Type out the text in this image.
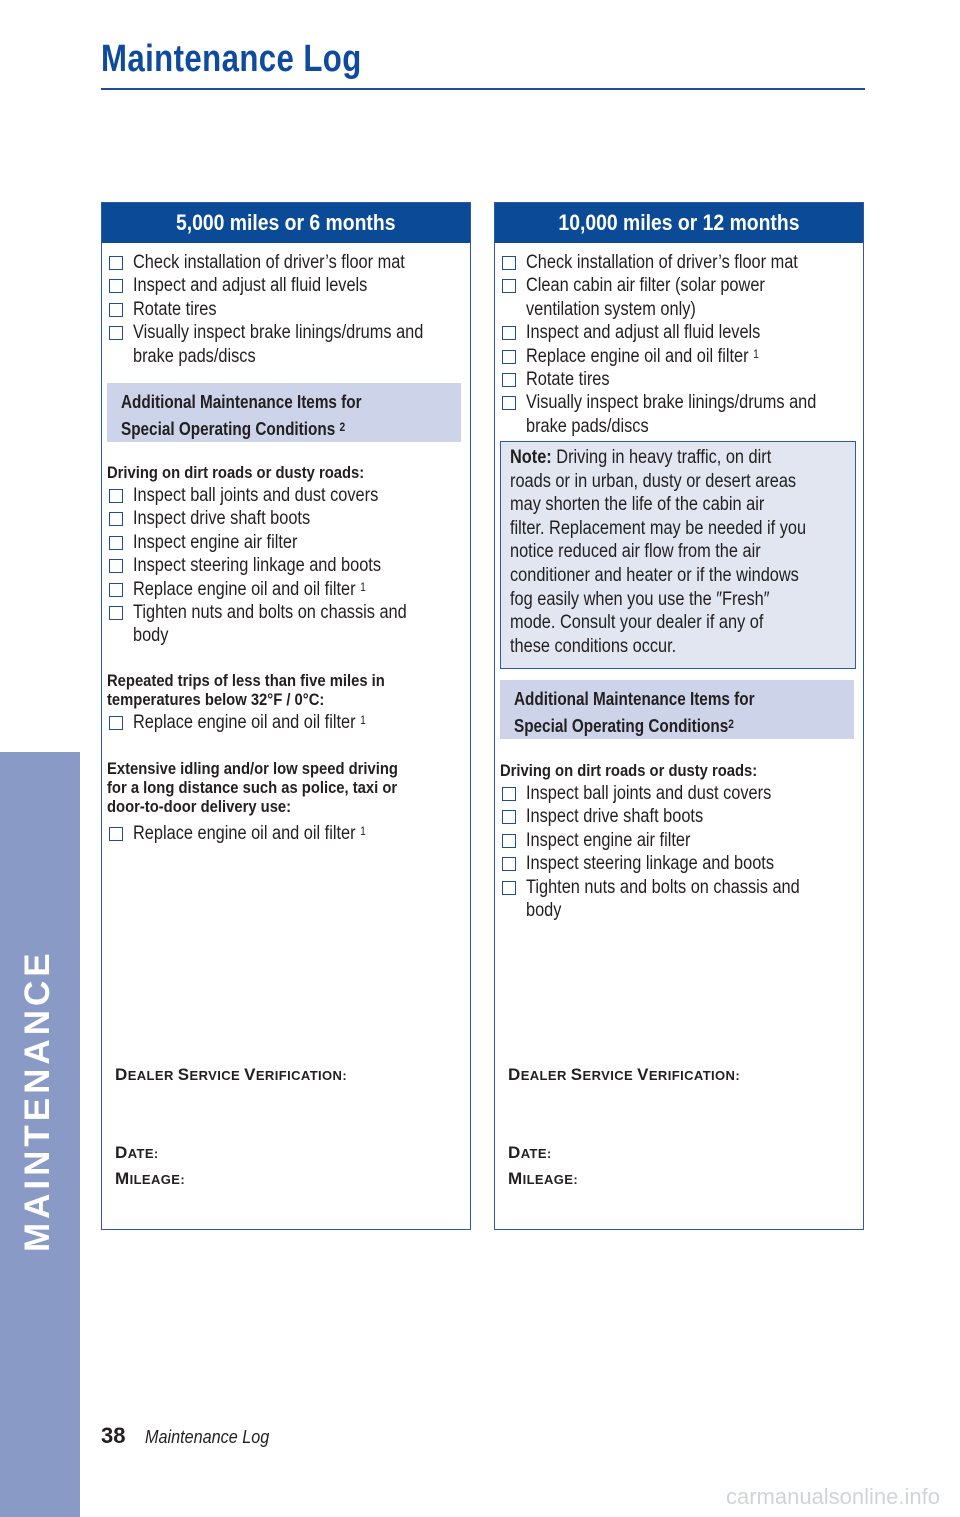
Maintenance Log
MAINTENANCE
5,000 miles or 6 months
Check installation of driver’s floor mat
Inspect and adjust all fluid levels
Rotate tires
Visually inspect brake linings/drums and
brake pads/discs
Additional Maintenance Items for
Special Operating Conditions $^2$
Driving on dirt roads or dusty roads:
Inspect ball joints and dust covers
Inspect drive shaft boots
Inspect engine air filter
Inspect steering linkage and boots
Replace engine oil and oil filter $^1$
Tighten nuts and bolts on chassis and
body
Repeated trips of less than five miles in
temperatures below 32°F / 0°C:
Replace engine oil and oil filter $^1$
Extensive idling and/or low speed driving
for a long distance such as police, taxi or
door-to-door delivery use:
Replace engine oil and oil filter $^1$
DEALER SERVICE VERIFICATION:
DATE:
MILEAGE:
10,000 miles or 12 months
Check installation of driver’s floor mat
Clean cabin air filter (solar power
ventilation system only)
Inspect and adjust all fluid levels
Replace engine oil and oil filter $^1$
Rotate tires
Visually inspect brake linings/drums and
brake pads/discs
Note: Driving in heavy traffic, on dirt
roads or in urban, dusty or desert areas
may shorten the life of the cabin air
filter. Replacement may be needed if you
notice reduced air flow from the air
conditioner and heater or if the windows
fog easily when you use the ″Fresh″
mode. Consult your dealer if any of
these conditions occur.
Additional Maintenance Items for
Special Operating Conditions$^2$
Driving on dirt roads or dusty roads:
Inspect ball joints and dust covers
Inspect drive shaft boots
Inspect engine air filter
Inspect steering linkage and boots
Tighten nuts and bolts on chassis and
body
DEALER SERVICE VERIFICATION:
DATE:
MILEAGE:
38 Maintenance Log
carmanualsonline.info
